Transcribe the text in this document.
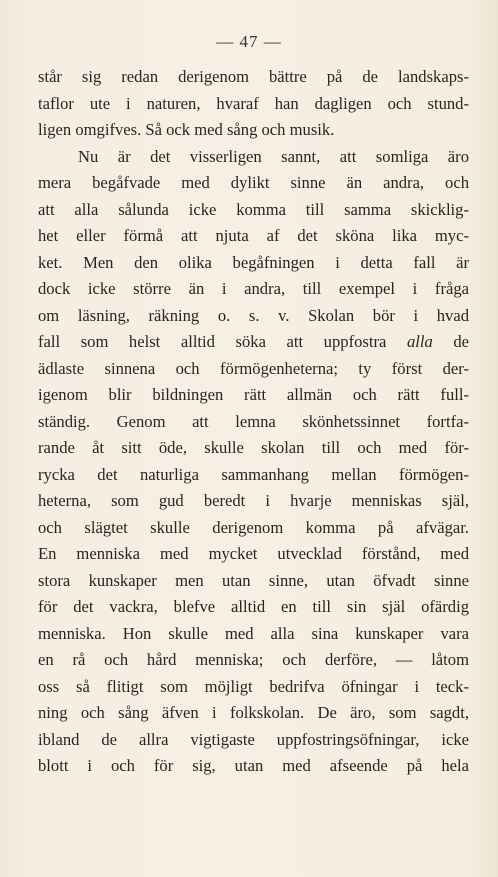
— 47 —
står sig redan derigenom bättre på de landskaps-
taflor ute i naturen, hvaraf han dagligen och stund-
ligen omgifves. Så ock med sång och musik.
Nu är det visserligen sannt, att somliga äro
mera begåfvade med dylikt sinne än andra, och
att alla sålunda icke komma till samma skicklig-
het eller förmå att njuta af det sköna lika myc-
ket. Men den olika begåfningen i detta fall är
dock icke större än i andra, till exempel i fråga
om läsning, räkning o. s. v. Skolan bör i hvad
fall som helst alltid söka att uppfostra alla de
ädlaste sinnena och förmögenheterna; ty först der-
igenom blir bildningen rätt allmän och rätt full-
ständig. Genom att lemna skönhetssinnet fortfa-
rande åt sitt öde, skulle skolan till och med för-
rycka det naturliga sammanhang mellan förmögen-
heterna, som gud beredt i hvarje menniskas själ,
och slägtet skulle derigenom komma på afvägar.
En menniska med mycket utvecklad förstånd, med
stora kunskaper men utan sinne, utan öfvadt sinne
för det vackra, blefve alltid en till sin själ ofärdig
menniska. Hon skulle med alla sina kunskaper vara
en rå och hård menniska; och derföre, — låtom
oss så flitigt som möjligt bedrifva öfningar i teck-
ning och sång äfven i folkskolan. De äro, som sagdt,
ibland de allra vigtigaste uppfostringsöfningar, icke
blott i och för sig, utan med afseende på hela
